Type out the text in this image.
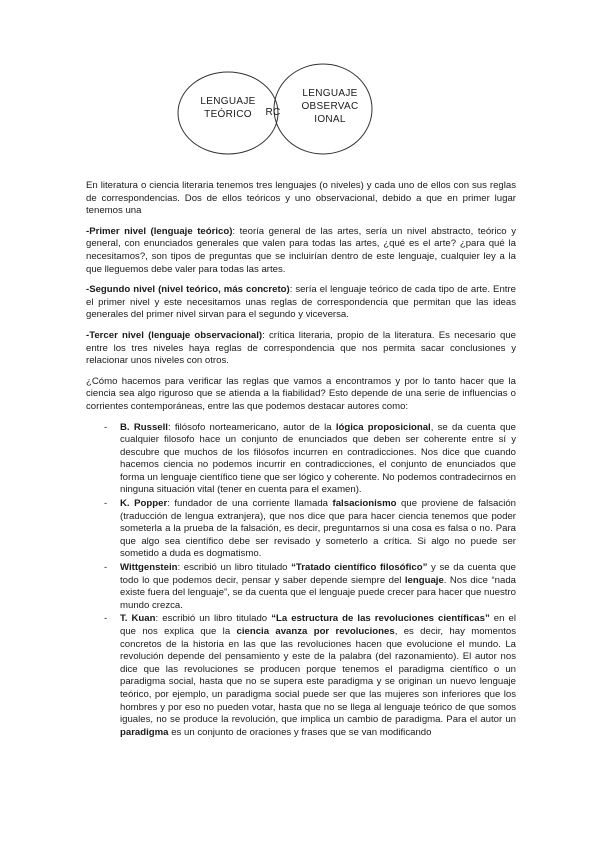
LENGUAJE
TEÓRICO
LENGUAJE
OBSERVAC
IONAL
RC

En literatura o ciencia literaria tenemos tres lenguajes (o niveles) y cada uno de ellos con sus reglas de correspondencias. Dos de ellos teóricos y uno observacional, debido a que en primer lugar tenemos una

-Primer nivel (lenguaje teórico): teoría general de las artes, sería un nivel abstracto, teórico y general, con enunciados generales que valen para todas las artes, ¿qué es el arte? ¿para qué la necesitamos?, son tipos de preguntas que se incluirían dentro de este lenguaje, cualquier ley a la que lleguemos debe valer para todas las artes.

-Segundo nivel (nivel teórico, más concreto): sería el lenguaje teórico de cada tipo de arte. Entre el primer nivel y este necesitamos unas reglas de correspondencia que permitan que las ideas generales del primer nivel sirvan para el segundo y viceversa.

-Tercer nivel (lenguaje observacional): crítica literaria, propio de la literatura. Es necesario que entre los tres niveles haya reglas de correspondencia que nos permita sacar conclusiones y relacionar unos niveles con otros.

¿Cómo hacemos para verificar las reglas que vamos a encontramos y por lo tanto hacer que la ciencia sea algo riguroso que se atienda a la fiabilidad? Esto depende de una serie de influencias o corrientes contemporáneas, entre las que podemos destacar autores como:

- B. Russell: filósofo norteamericano, autor de la lógica proposicional, se da cuenta que cualquier filosofo hace un conjunto de enunciados que deben ser coherente entre sí y descubre que muchos de los filósofos incurren en contradicciones. Nos dice que cuando hacemos ciencia no podemos incurrir en contradicciones, el conjunto de enunciados que forma un lenguaje científico tiene que ser lógico y coherente. No podemos contradecirnos en ninguna situación vital (tener en cuenta para el examen).
- K. Popper: fundador de una corriente llamada falsacionismo que proviene de falsación (traducción de lengua extranjera), que nos dice que para hacer ciencia tenemos que poder someterla a la prueba de la falsación, es decir, preguntarnos si una cosa es falsa o no. Para que algo sea científico debe ser revisado y someterlo a crítica. Si algo no puede ser sometido a duda es dogmatismo.
- Wittgenstein: escribió un libro titulado “Tratado científico filosófico” y se da cuenta que todo lo que podemos decir, pensar y saber depende siempre del lenguaje. Nos dice “nada existe fuera del lenguaje”, se da cuenta que el lenguaje puede crecer para hacer que nuestro mundo crezca.
- T. Kuan: escribió un libro titulado “La estructura de las revoluciones científicas” en el que nos explica que la ciencia avanza por revoluciones, es decir, hay momentos concretos de la historia en las que las revoluciones hacen que evolucione el mundo. La revolución depende del pensamiento y este de la palabra (del razonamiento). El autor nos dice que las revoluciones se producen porque tenemos el paradigma científico o un paradigma social, hasta que no se supera este paradigma y se originan un nuevo lenguaje teórico, por ejemplo, un paradigma social puede ser que las mujeres son inferiores que los hombres y por eso no pueden votar, hasta que no se llega al lenguaje teórico de que somos iguales, no se produce la revolución, que implica un cambio de paradigma. Para el autor un paradigma es un conjunto de oraciones y frases que se van modificando
